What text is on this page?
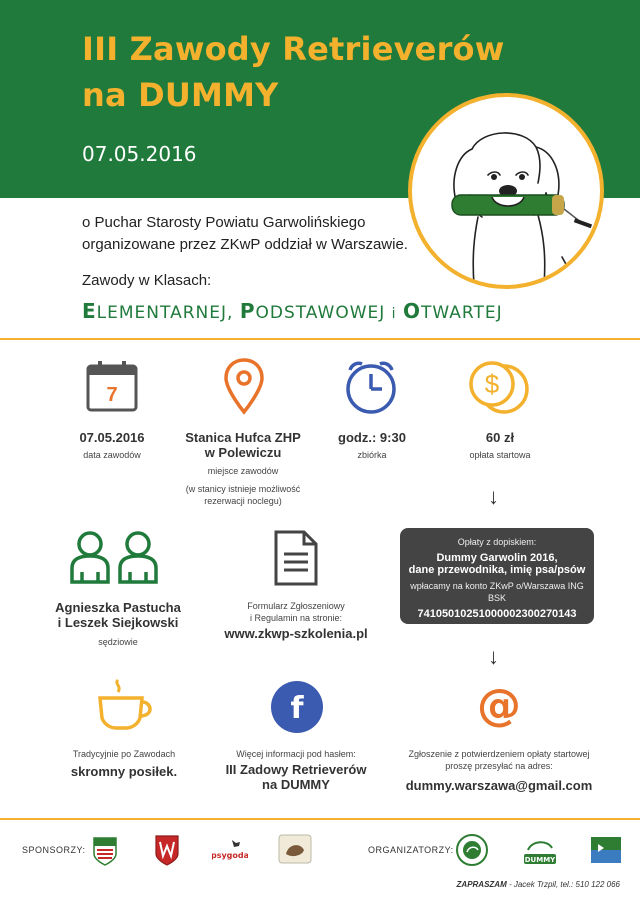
III Zawody Retrieverów
na DUMMY
07.05.2016
o Puchar Starosty Powiatu Garwolińskiego
organizowane przez ZKwP oddział w Warszawie.
Zawody w Klasach:
ELEMENTARNEJ, PODSTAWOWEJ i OTWARTEJ
7	$
07.05.2016
data zawodów
Stanica Hufca ZHP
w Polewiczu
miejsce zawodów
(w stanicy istnieje możliwość
rezerwacji noclegu)
godz.: 9:30
zbiórka
60 zł
opłata startowa
↓
Opłaty z dopiskiem:
Dummy Garwolin 2016,
dane przewodnika, imię psa/psów
wpłacamy na konto ZKwP o/Warszawa ING BSK
74105010251000002300270143
Agnieszka Pastucha
i Leszek Siejkowski
sędziowie
Formularz Zgłoszeniowy
i Regulamin na stronie:
www.zkwp-szkolenia.pl
↓
f	@
Tradycyjnie po Zawodach
skromny posiłek.
Więcej informacji pod hasłem:
III Zadowy Retrieverów
na DUMMY
Zgłoszenie z potwierdzeniem opłaty startowej
proszę przesyłać na adres:
dummy.warszawa@gmail.com
SPONSORZY:
psygoda
ORGANIZATORZY:
DUMMY
ZAPRASZAM - Jacek Trzpil, tel.: 510 122 066
